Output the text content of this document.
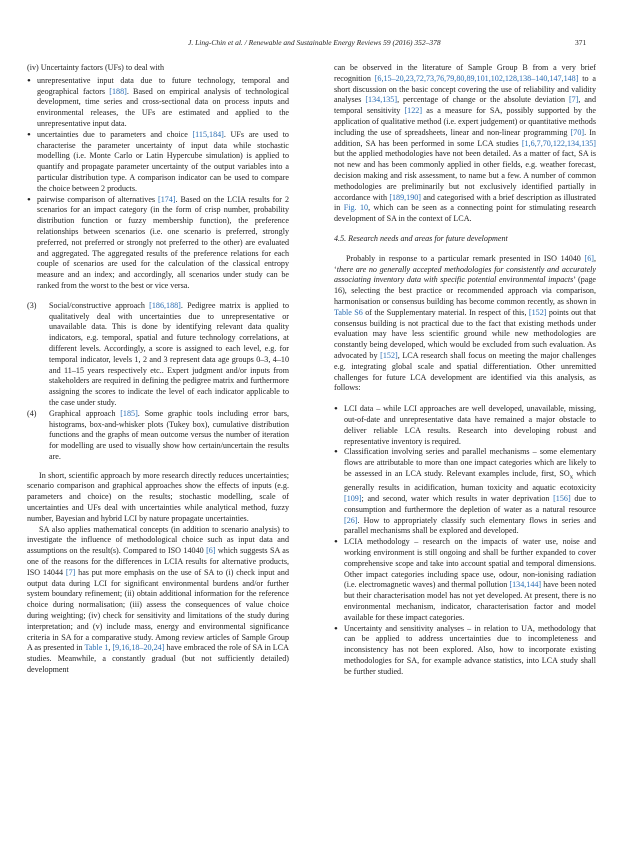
J. Ling-Chin et al. / Renewable and Sustainable Energy Reviews 59 (2016) 352–378	371

(iv) Uncertainty factors (UFs) to deal with

• unrepresentative input data due to future technology, temporal and geographical factors [188]. Based on empirical analysis of technological development, time series and cross-sectional data on process inputs and environmental releases, the UFs are estimated and applied to the unrepresentative input data.
• uncertainties due to parameters and choice [115,184]. UFs are used to characterise the parameter uncertainty of input data while stochastic modelling (i.e. Monte Carlo or Latin Hypercube simulation) is applied to quantify and propagate parameter uncertainty of the output variables into a particular distribution type. A comparison indicator can be used to compare the choice between 2 products.
• pairwise comparison of alternatives [174]. Based on the LCIA results for 2 scenarios for an impact category (in the form of crisp number, probability distribution function or fuzzy membership function), the preference relationships between scenarios (i.e. one scenario is preferred, strongly preferred, not preferred or strongly not preferred to the other) are evaluated and aggregated. The aggregated results of the preference relations for each couple of scenarios are used for the calculation of the classical entropy measure and an index; and accordingly, all scenarios under study can be ranked from the worst to the best or vice versa.

(3) Social/constructive approach [186,188]. Pedigree matrix is applied to qualitatively deal with uncertainties due to unrepresentative or unavailable data. This is done by identifying relevant data quality indicators, e.g. temporal, spatial and future technology correlations, at different levels. Accordingly, a score is assigned to each level, e.g. for temporal indicator, levels 1, 2 and 3 represent data age groups 0–3, 4–10 and 11–15 years respectively etc.. Expert judgment and/or inputs from stakeholders are required in defining the pedigree matrix and furthermore assigning the scores to indicate the level of each indicator applicable to the case under study.

(4) Graphical approach [185]. Some graphic tools including error bars, histograms, box-and-whisker plots (Tukey box), cumulative distribution functions and the graphs of mean outcome versus the number of iteration for modelling are used to visually show how certain/uncertain the results are.

In short, scientific approach by more research directly reduces uncertainties; scenario comparison and graphical approaches show the effects of inputs (e.g. parameters and choice) on the results; stochastic modelling, scale of uncertainties and UFs deal with uncertainties while analytical method, fuzzy number, Bayesian and hybrid LCI by nature propagate uncertainties.

SA also applies mathematical concepts (in addition to scenario analysis) to investigate the influence of methodological choice such as input data and assumptions on the result(s). Compared to ISO 14040 [6] which suggests SA as one of the reasons for the differences in LCIA results for alternative products, ISO 14044 [7] has put more emphasis on the use of SA to (i) check input and output data during LCI for significant environmental burdens and/or further system boundary refinement; (ii) obtain additional information for the reference choice during normalisation; (iii) assess the consequences of value choice during weighting; (iv) check for sensitivity and limitations of the study during interpretation; and (v) include mass, energy and environmental significance criteria in SA for a comparative study. Among review articles of Sample Group A as presented in Table 1, [9,16,18–20,24] have embraced the role of SA in LCA studies. Meanwhile, a constantly gradual (but not sufficiently detailed) development

can be observed in the literature of Sample Group B from a very brief recognition [6,15–20,23,72,73,76,79,80,89,101,102,128,138–140,147,148] to a short discussion on the basic concept covering the use of reliability and validity analyses [134,135], percentage of change or the absolute deviation [7], and temporal sensitivity [122] as a measure for SA, possibly supported by the application of qualitative method (i.e. expert judgement) or quantitative methods including the use of spreadsheets, linear and non-linear programming [70]. In addition, SA has been performed in some LCA studies [1,6,7,70,122,134,135] but the applied methodologies have not been detailed. As a matter of fact, SA is not new and has been commonly applied in other fields, e.g. weather forecast, decision making and risk assessment, to name but a few. A number of common methodologies are preliminarily but not exclusively identified partially in accordance with [189,190] and categorised with a brief description as illustrated in Fig. 10, which can be seen as a connecting point for stimulating research development of SA in the context of LCA.

4.5. Research needs and areas for future development

Probably in response to a particular remark presented in ISO 14040 [6], ‘there are no generally accepted methodologies for consistently and accurately associating inventory data with specific potential environmental impacts’ (page 16), selecting the best practice or recommended approach via comparison, harmonisation or consensus building has become common recently, as shown in Table S6 of the Supplementary material. In respect of this, [152] points out that consensus building is not practical due to the fact that existing methods under evaluation may have less scientific ground while new methodologies are constantly being developed, which would be excluded from such evaluation. As advocated by [152], LCA research shall focus on meeting the major challenges e.g. integrating global scale and spatial differentiation. Other unremitted challenges for future LCA development are identified via this analysis, as follows:

• LCI data – while LCI approaches are well developed, unavailable, missing, out-of-date and unrepresentative data have remained a major obstacle to deliver reliable LCA results. Research into developing robust and representative inventory is required.
• Classification involving series and parallel mechanisms – some elementary flows are attributable to more than one impact categories which are likely to be assessed in an LCA study. Relevant examples include, first, $SO_x$ which generally results in acidification, human toxicity and aquatic ecotoxicity [109]; and second, water which results in water deprivation [156] due to consumption and furthermore the depletion of water as a natural resource [26]. How to appropriately classify such elementary flows in series and parallel mechanisms shall be explored and developed.
• LCIA methodology – research on the impacts of water use, noise and working environment is still ongoing and shall be further expanded to cover comprehensive scope and take into account spatial and temporal dimensions. Other impact categories including space use, odour, non-ionising radiation (i.e. electromagnetic waves) and thermal pollution [134,144] have been noted but their characterisation model has not yet developed. At present, there is no environmental mechanism, indicator, characterisation factor and model available for these impact categories.
• Uncertainty and sensitivity analyses – in relation to UA, methodology that can be applied to address uncertainties due to incompleteness and inconsistency has not been explored. Also, how to incorporate existing methodologies for SA, for example advance statistics, into LCA study shall be further studied.
